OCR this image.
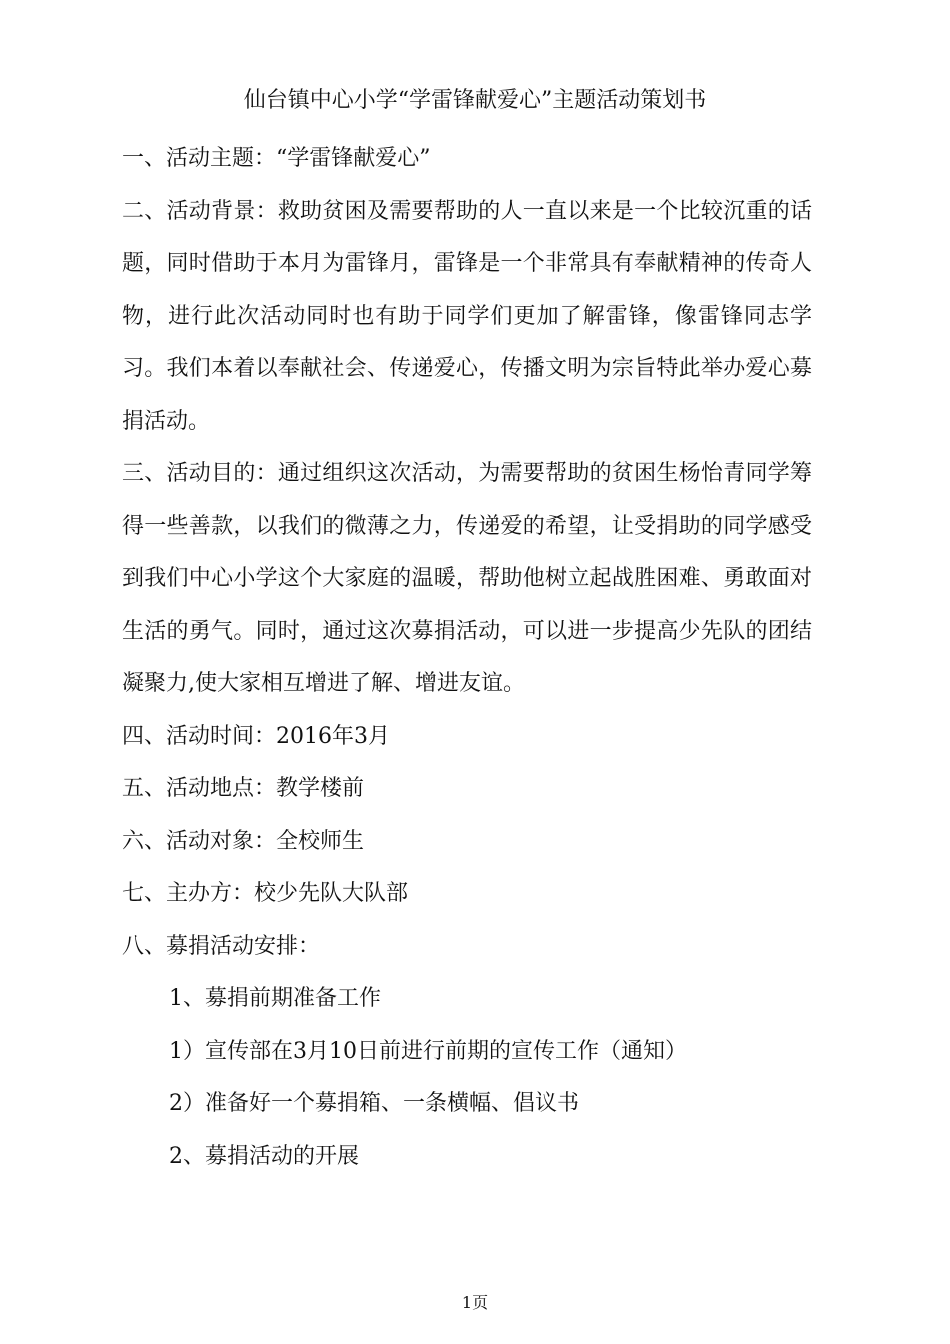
仙台镇中心小学“学雷锋献爱心”主题活动策划书

一、活动主题：“学雷锋献爱心”

二、活动背景：救助贫困及需要帮助的人一直以来是一个比较沉重的话题，同时借助于本月为雷锋月，雷锋是一个非常具有奉献精神的传奇人物，进行此次活动同时也有助于同学们更加了解雷锋，像雷锋同志学习。我们本着以奉献社会、传递爱心，传播文明为宗旨特此举办爱心募捐活动。

三、活动目的：通过组织这次活动，为需要帮助的贫困生杨怡青同学筹得一些善款，以我们的微薄之力，传递爱的希望，让受捐助的同学感受到我们中心小学这个大家庭的温暖，帮助他树立起战胜困难、勇敢面对生活的勇气。同时，通过这次募捐活动，可以进一步提高少先队的团结凝聚力,使大家相互增进了解、增进友谊。

四、活动时间：2016年3月

五、活动地点：教学楼前

六、活动对象：全校师生

七、主办方：校少先队大队部

八、募捐活动安排：

1、募捐前期准备工作

1）宣传部在3月10日前进行前期的宣传工作（通知）

2）准备好一个募捐箱、一条横幅、倡议书

2、募捐活动的开展

1页
